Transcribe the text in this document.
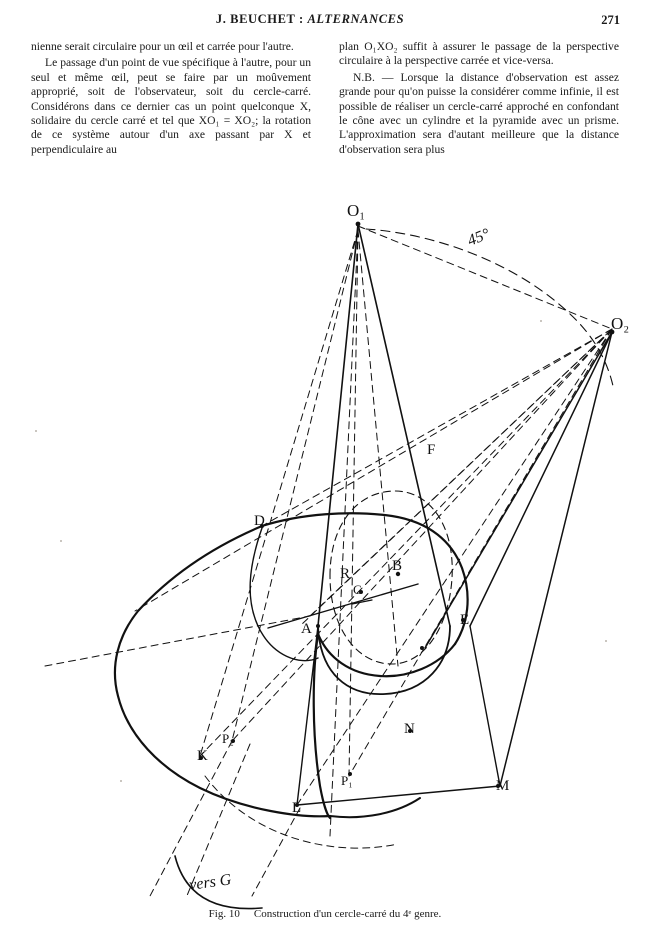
J. BEUCHET : ALTERNANCES	271

nienne serait circulaire pour un œil et carrée pour l'autre.

Le passage d'un point de vue spécifique à l'autre, pour un seul et même œil, peut se faire par un moûvement approprié, soit de l'observateur, soit du cercle-carré. Considérons dans ce dernier cas un point quelconque X, solidaire du cercle carré et tel que XO₁ = XO₂; la rotation de ce système autour d'un axe passant par X et perpendiculaire au

plan O₁XO₂ suffit à assurer le passage de la perspective circulaire à la perspective carrée et vice-versa.

N.B. — Lorsque la distance d'observation est assez grande pour qu'on puisse la considérer comme infinie, il est possible de réaliser un cercle-carré approché en confondant le cône avec un cylindre et la pyramide avec un prisme. L'approximation sera d'autant meilleure que la distance d'observation sera plus

O₁
O₂
45°
D
F
A
B
C
R
E
K
L
M
N
P₁
P₂
vers G
Fig. 10 Construction d'un cercle-carré du 4ᵉ genre.
